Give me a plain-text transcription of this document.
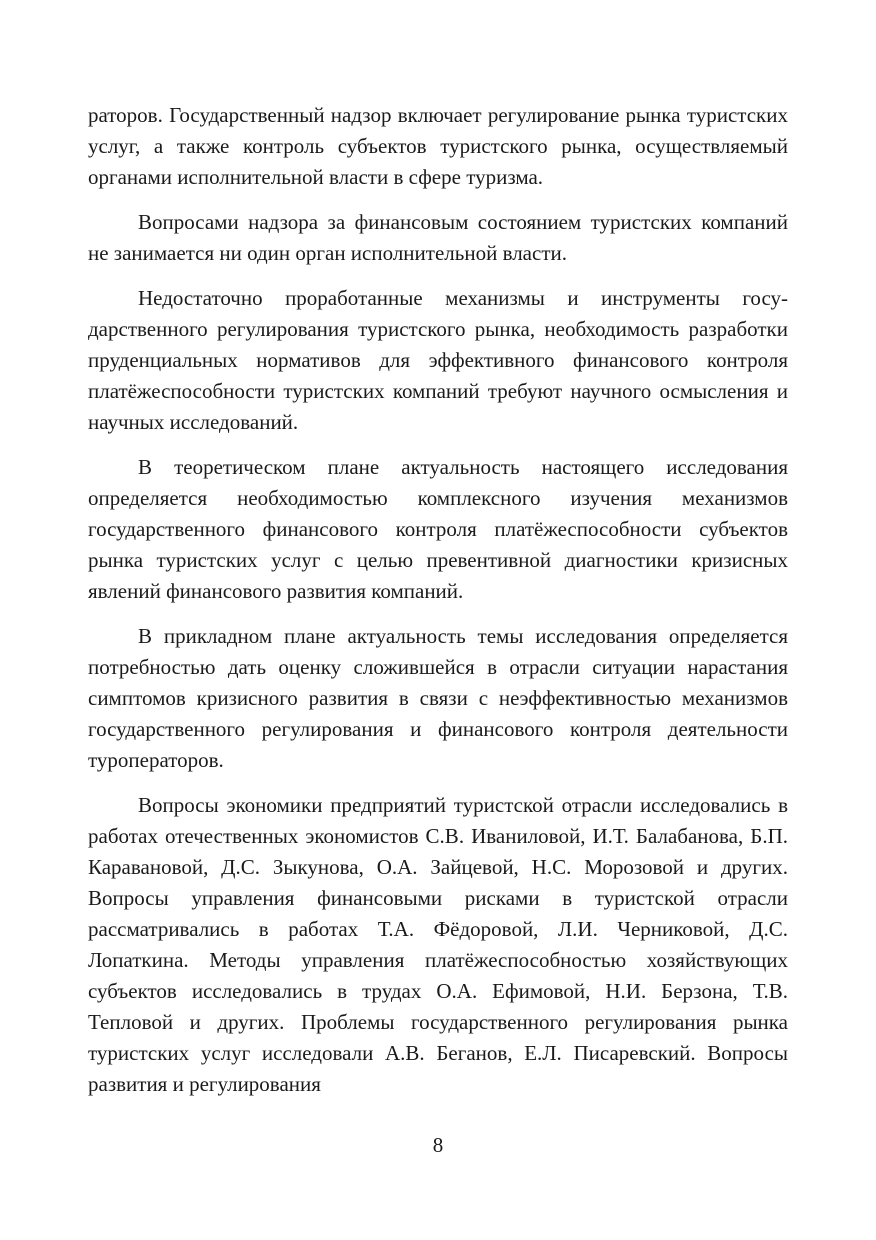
раторов. Государственный надзор включает регулирование рынка туристских услуг, а также контроль субъектов туристского рынка, осуществляемый органами исполнительной власти в сфере туризма.

Вопросами надзора за финансовым состоянием туристских компаний не занимается ни один орган исполнительной власти.

Недостаточно проработанные механизмы и инструменты государственного регулирования туристского рынка, необходимость разработки пруденциальных нормативов для эффективного финансового контроля платёжеспособности туристских компаний требуют научного осмысления и научных исследований.

В теоретическом плане актуальность настоящего исследования определяется необходимостью комплексного изучения механизмов государственного финансового контроля платёжеспособности субъектов рынка туристских услуг с целью превентивной диагностики кризисных явлений финансового развития компаний.

В прикладном плане актуальность темы исследования определяется потребностью дать оценку сложившейся в отрасли ситуации нарастания симптомов кризисного развития в связи с неэффективностью механизмов государственного регулирования и финансового контроля деятельности туроператоров.

Вопросы экономики предприятий туристской отрасли исследовались в работах отечественных экономистов С.В. Иваниловой, И.Т. Балабанова, Б.П. Каравановой, Д.С. Зыкунова, О.А. Зайцевой, Н.С. Морозовой и других. Вопросы управления финансовыми рисками в туристской отрасли рассматривались в работах Т.А. Фёдоровой, Л.И. Черниковой, Д.С. Лопаткина. Методы управления платёжеспособностью хозяйствующих субъектов исследовались в трудах О.А. Ефимовой, Н.И. Берзона, Т.В. Тепловой и других. Проблемы государственного регулирования рынка туристских услуг исследовали А.В. Беганов, Е.Л. Писаревский. Вопросы развития и регулирования

8
